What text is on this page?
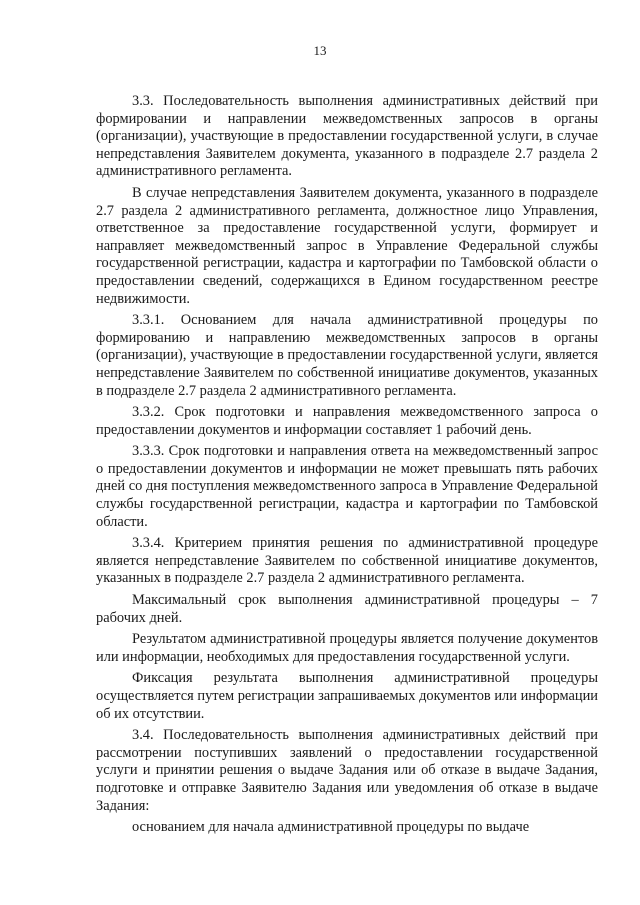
13

3.3. Последовательность выполнения административных действий при формировании и направлении межведомственных запросов в органы (организации), участвующие в предоставлении государственной услуги, в случае непредставления Заявителем документа, указанного в подразделе 2.7 раздела 2 административного регламента.

В случае непредставления Заявителем документа, указанного в подразделе 2.7 раздела 2 административного регламента, должностное лицо Управления, ответственное за предоставление государственной услуги, формирует и направляет межведомственный запрос в Управление Федеральной службы государственной регистрации, кадастра и картографии по Тамбовской области о предоставлении сведений, содержащихся в Едином государственном реестре недвижимости.

3.3.1. Основанием для начала административной процедуры по формированию и направлению межведомственных запросов в органы (организации), участвующие в предоставлении государственной услуги, является непредставление Заявителем по собственной инициативе документов, указанных в подразделе 2.7 раздела 2 административного регламента.

3.3.2. Срок подготовки и направления межведомственного запроса о предоставлении документов и информации составляет 1 рабочий день.

3.3.3. Срок подготовки и направления ответа на межведомственный запрос о предоставлении документов и информации не может превышать пять рабочих дней со дня поступления межведомственного запроса в Управление Федеральной службы государственной регистрации, кадастра и картографии по Тамбовской области.

3.3.4. Критерием принятия решения по административной процедуре является непредставление Заявителем по собственной инициативе документов, указанных в подразделе 2.7 раздела 2 административного регламента.

Максимальный срок выполнения административной процедуры – 7 рабочих дней.

Результатом административной процедуры является получение документов или информации, необходимых для предоставления государственной услуги.

Фиксация результата выполнения административной процедуры осуществляется путем регистрации запрашиваемых документов или информации об их отсутствии.

3.4. Последовательность выполнения административных действий при рассмотрении поступивших заявлений о предоставлении государственной услуги и принятии решения о выдаче Задания или об отказе в выдаче Задания, подготовке и отправке Заявителю Задания или уведомления об отказе в выдаче Задания:

основанием для начала административной процедуры по выдаче
